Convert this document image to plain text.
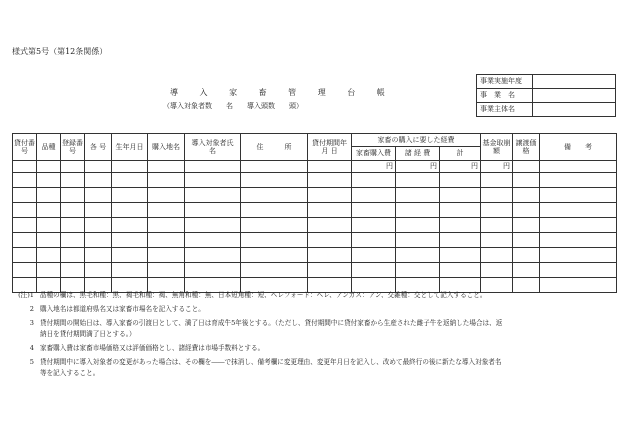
様式第5号（第12条関係）
導 入 家 畜 管 理 台 帳
（導入対象者数　　名　　導入頭数　　頭）
事業実施年度	
事　業　名	
事業主体名	
貸付番号	品種	登録番号	各 号	生年月日	購入地名	導入対象者氏　　名	住　　　所	貸付期間年 月 日	家畜の購入に要した経費			基金取崩額	譲渡価格	備　　考
									家畜購入費	諸 経 費	計			
									円	円	円	円		

(注)1 品種の欄は、黒毛和種：黒、褐毛和種：褐、無角和種：無、日本短角種：短、ヘレフォード：ヘレ、アンガス：アン、交雑種：交として記入すること。
2 購入地名は都道府県名又は家畜市場名を記入すること。
3 貸付期間の開始日は、導入家畜の引渡日として、満了日は育成牛5年後とする。（ただし、貸付期間中に貸付家畜から生産された雌子牛を返納した場合は、返
納日を貸付期間満了日とする。）
4 家畜購入費は家畜市場価格又は評価価格とし、諸経費は市場手数料とする。
5 貸付期間中に導入対象者の変更があった場合は、その欄を――で抹消し、備考欄に変更理由、変更年月日を記入し、改めて最終行の後に新たな導入対象者名
等を記入すること。
